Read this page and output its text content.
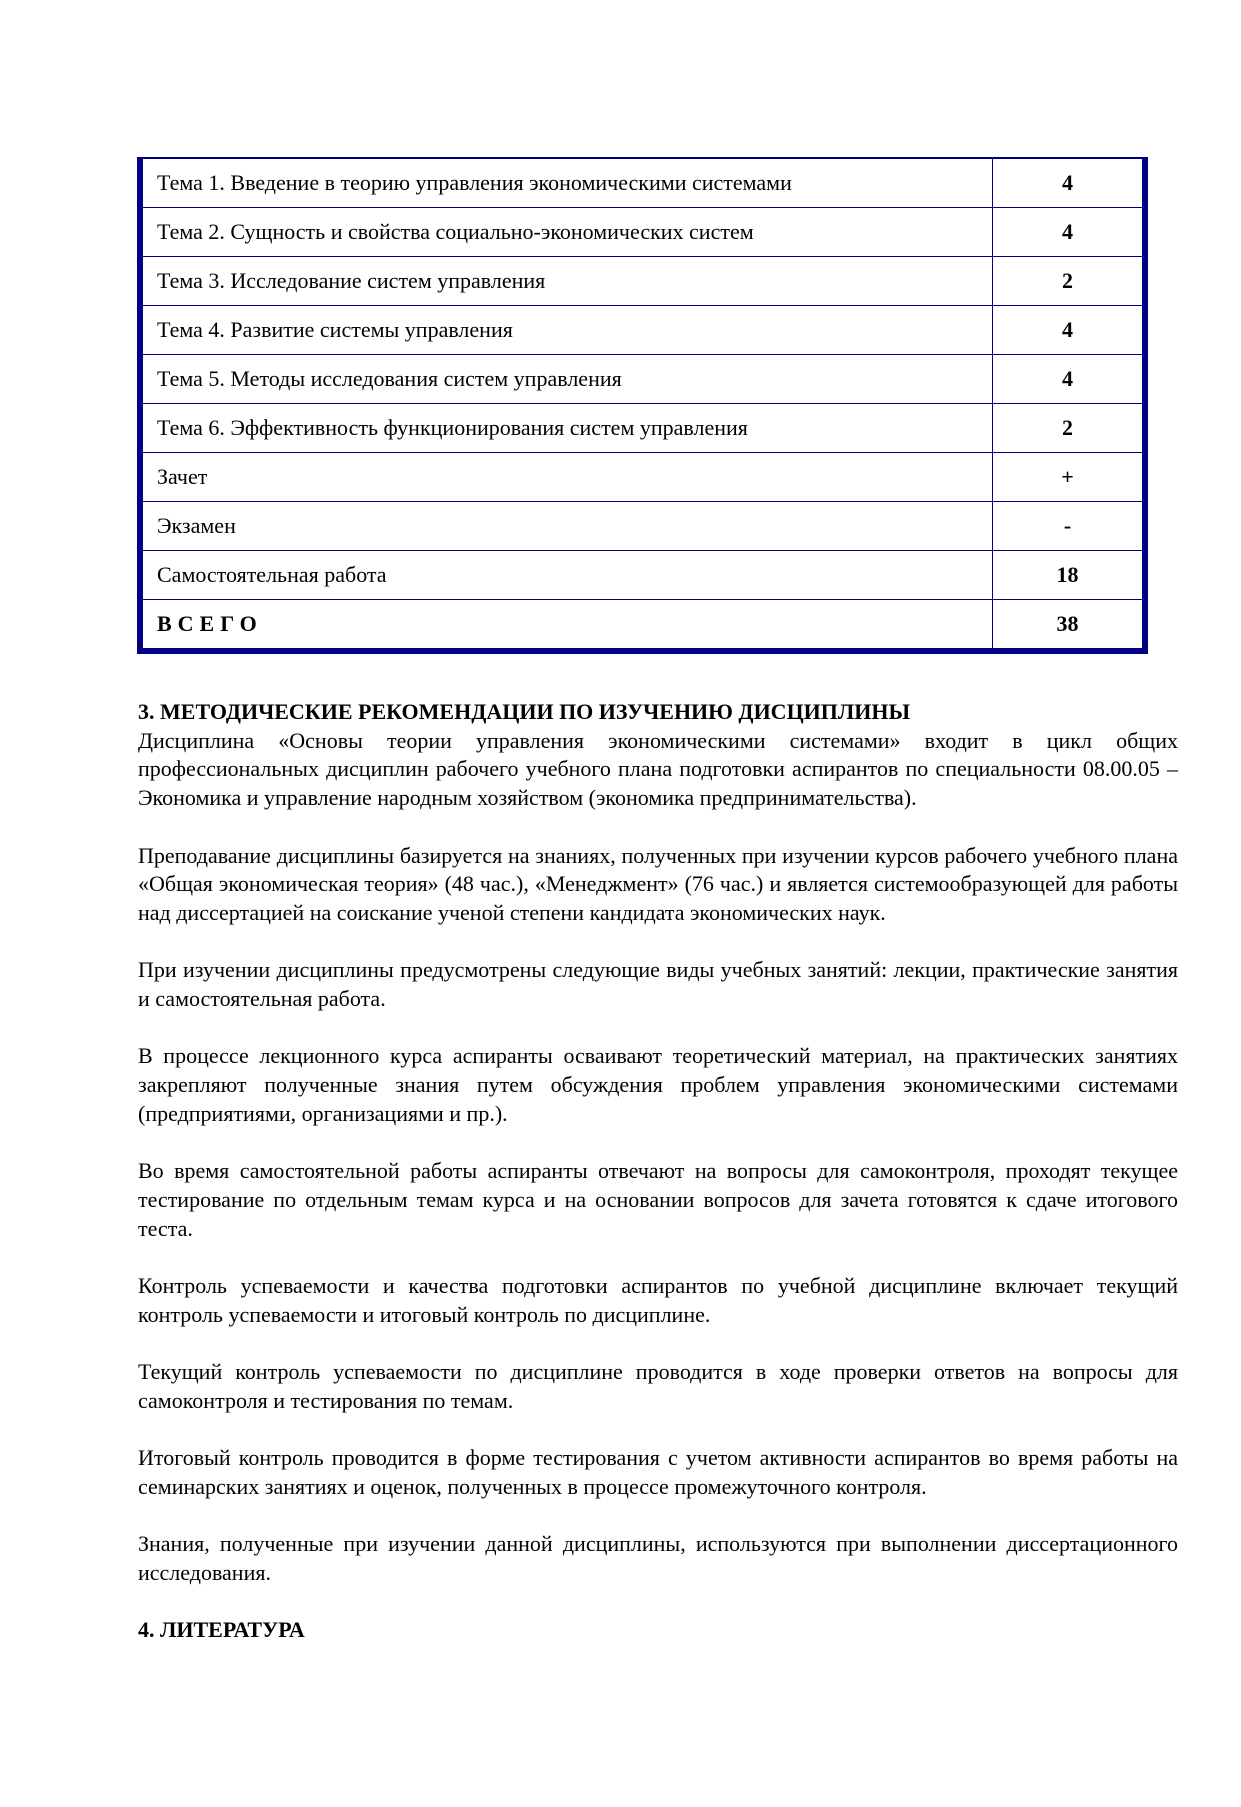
Тема 1. Введение в теорию управления экономическими системами	4
Тема 2. Сущность и свойства социально-экономических систем	4
Тема 3. Исследование систем управления	2
Тема 4. Развитие системы управления	4
Тема 5. Методы исследования систем управления	4
Тема 6. Эффективность функционирования систем управления	2
Зачет	+
Экзамен	-
Самостоятельная работа	18
ВСЕГО	38
3. МЕТОДИЧЕСКИЕ РЕКОМЕНДАЦИИ ПО ИЗУЧЕНИЮ ДИСЦИПЛИНЫ

Дисциплина «Основы теории управления экономическими системами» входит в цикл общих профессиональных дисциплин рабочего учебного плана подготовки аспирантов по специальности 08.00.05 – Экономика и управление народным хозяйством (экономика предпринимательства).

Преподавание дисциплины базируется на знаниях, полученных при изучении курсов рабочего учебного плана «Общая экономическая теория» (48 час.), «Менеджмент» (76 час.) и является системообразующей для работы над диссертацией на соискание ученой степени кандидата экономических наук.

При изучении дисциплины предусмотрены следующие виды учебных занятий: лекции, практические занятия и самостоятельная работа.

В процессе лекционного курса аспиранты осваивают теоретический материал, на практических занятиях закрепляют полученные знания путем обсуждения проблем управления экономическими системами (предприятиями, организациями и пр.).

Во время самостоятельной работы аспиранты отвечают на вопросы для самоконтроля, проходят текущее тестирование по отдельным темам курса и на основании вопросов для зачета готовятся к сдаче итогового теста.

Контроль успеваемости и качества подготовки аспирантов по учебной дисциплине включает текущий контроль успеваемости и итоговый контроль по дисциплине.

Текущий контроль успеваемости по дисциплине проводится в ходе проверки ответов на вопросы для самоконтроля и тестирования по темам.

Итоговый контроль проводится в форме тестирования с учетом активности аспирантов во время работы на семинарских занятиях и оценок, полученных в процессе промежуточного контроля.

Знания, полученные при изучении данной дисциплины, используются при выполнении диссертационного исследования.

4. ЛИТЕРАТУРА
